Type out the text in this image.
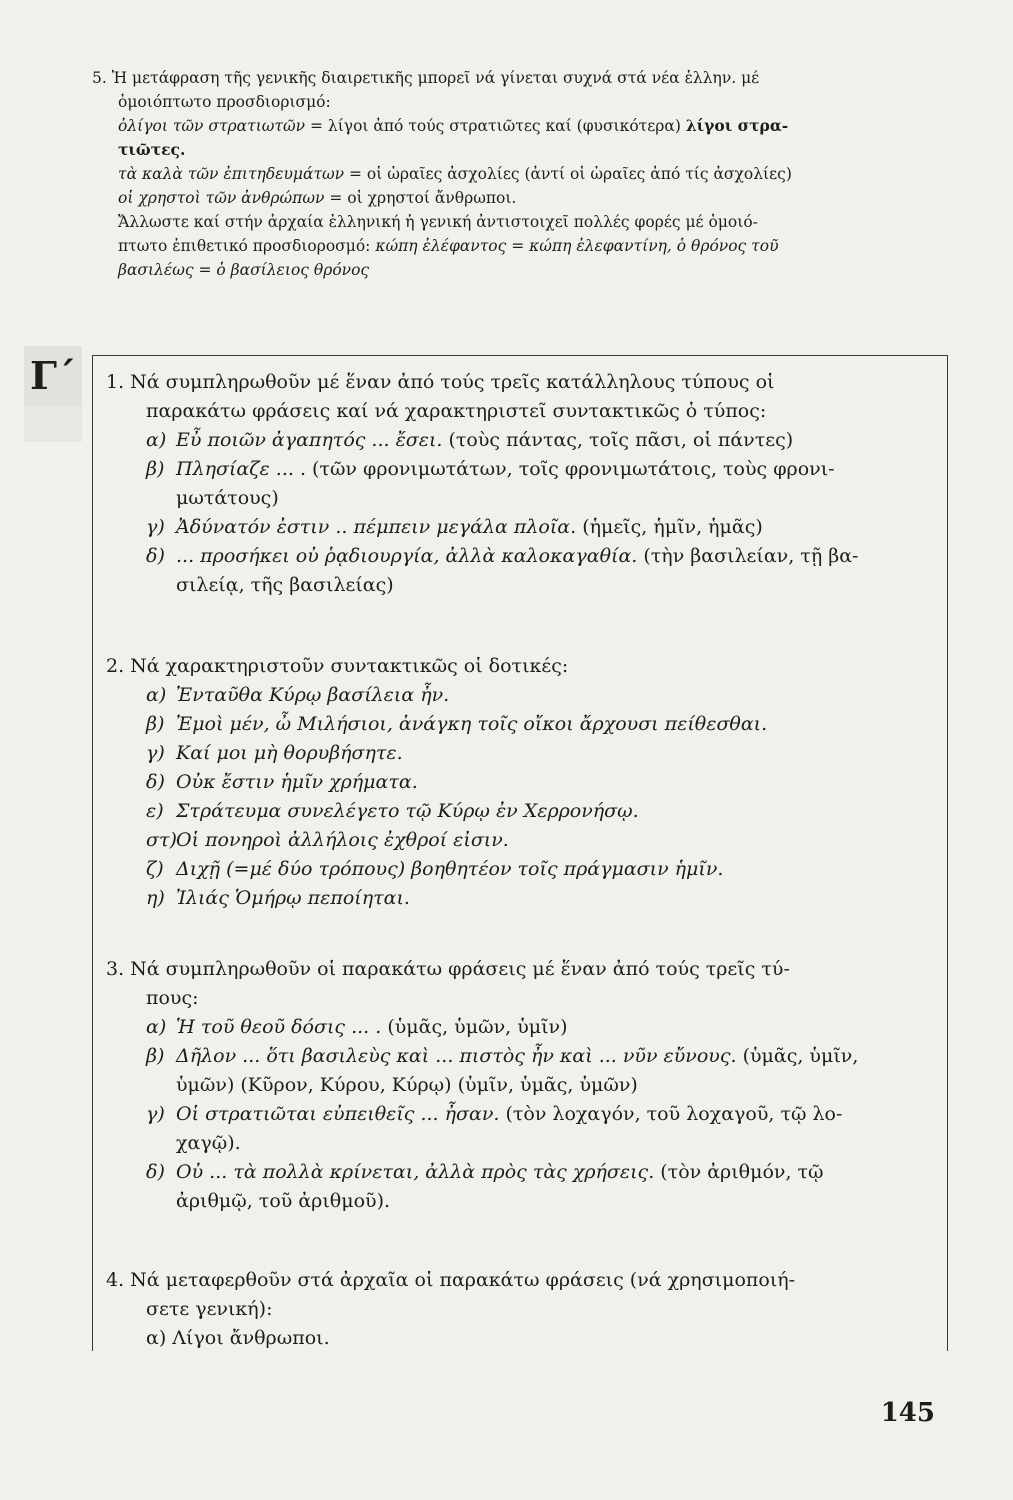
5. Ἡ μετάφραση τῆς γενικῆς διαιρετικῆς μπορεῖ νά γίνεται συχνά στά νέα ἑλλην. μέ

ὁμοιόπτωτο προσδιορισμό:

ὀλίγοι τῶν στρατιωτῶν = λίγοι ἀπό τούς στρατιῶτες καί (φυσικότερα) λίγοι στρα-

τιῶτες.

τὰ καλὰ τῶν ἐπιτηδευμάτων = οἱ ὡραῖες ἀσχολίες (ἀντί οἱ ὡραῖες ἀπό τίς ἀσχολίες)

οἱ χρηστοὶ τῶν ἀνθρώπων = οἱ χρηστοί ἄνθρωποι.

Ἄλλωστε καί στήν ἀρχαία ἑλληνική ἡ γενική ἀντιστοιχεῖ πολλές φορές μέ ὁμοιό-

πτωτο ἐπιθετικό προσδιοροσμό: κώπη ἐλέφαντος = κώπη ἐλεφαντίνη, ὁ θρόνος τοῦ

βασιλέως = ὁ βασίλειος θρόνος

Γ΄	1. Νά συμπληρωθοῦν μέ ἕναν ἀπό τούς τρεῖς κατάλληλους τύπους οἱ

παρακάτω φράσεις καί νά χαρακτηριστεῖ συντακτικῶς ὁ τύπος:

α) Εὖ ποιῶν ἀγαπητός ... ἔσει. (τοὺς πάντας, τοῖς πᾶσι, οἱ πάντες)

β) Πλησίαζε ... . (τῶν φρονιμωτάτων, τοῖς φρονιμωτάτοις, τοὺς φρονι-

μωτάτους)

γ) Ἀδύνατόν ἐστιν .. πέμπειν μεγάλα πλοῖα. (ἡμεῖς, ἡμῖν, ἡμᾶς)

δ) ... προσήκει οὐ ῥᾳδιουργία, ἀλλὰ καλοκαγαθία. (τὴν βασιλείαν, τῇ βα-

σιλείᾳ, τῆς βασιλείας)

2. Νά χαρακτηριστοῦν συντακτικῶς οἱ δοτικές:

α) Ἐνταῦθα Κύρῳ βασίλεια ἦν.

β) Ἐμοὶ μέν, ὦ Μιλήσιοι, ἀνάγκη τοῖς οἴκοι ἄρχουσι πείθεσθαι.

γ) Καί μοι μὴ θορυβήσητε.

δ) Οὐκ ἔστιν ἡμῖν χρήματα.

ε) Στράτευμα συνελέγετο τῷ Κύρῳ ἐν Χερρονήσῳ.

στ)Οἱ πονηροὶ ἀλλήλοις ἐχθροί εἰσιν.

ζ) Διχῇ (=μέ δύο τρόπους) βοηθητέον τοῖς πράγμασιν ἡμῖν.

η) Ἰλιάς Ὁμήρῳ πεποίηται.

3. Νά συμπληρωθοῦν οἱ παρακάτω φράσεις μέ ἕναν ἀπό τούς τρεῖς τύ-

πους:

α) Ἡ τοῦ θεοῦ δόσις ... . (ὑμᾶς, ὑμῶν, ὑμῖν)

β) Δῆλον ... ὅτι βασιλεὺς καὶ ... πιστὸς ἦν καὶ ... νῦν εὔνους. (ὑμᾶς, ὑμῖν,

ὑμῶν) (Κῦρον, Κύρου, Κύρῳ) (ὑμῖν, ὑμᾶς, ὑμῶν)

γ) Οἱ στρατιῶται εὐπειθεῖς ... ἦσαν. (τὸν λοχαγόν, τοῦ λοχαγοῦ, τῷ λο-

χαγῷ).

δ) Οὐ ... τὰ πολλὰ κρίνεται, ἀλλὰ πρὸς τὰς χρήσεις. (τὸν ἀριθμόν, τῷ

ἀριθμῷ, τοῦ ἀριθμοῦ).

4. Νά μεταφερθοῦν στά ἀρχαῖα οἱ παρακάτω φράσεις (νά χρησιμοποιή-

σετε γενική):

α) Λίγοι ἄνθρωποι.

145
